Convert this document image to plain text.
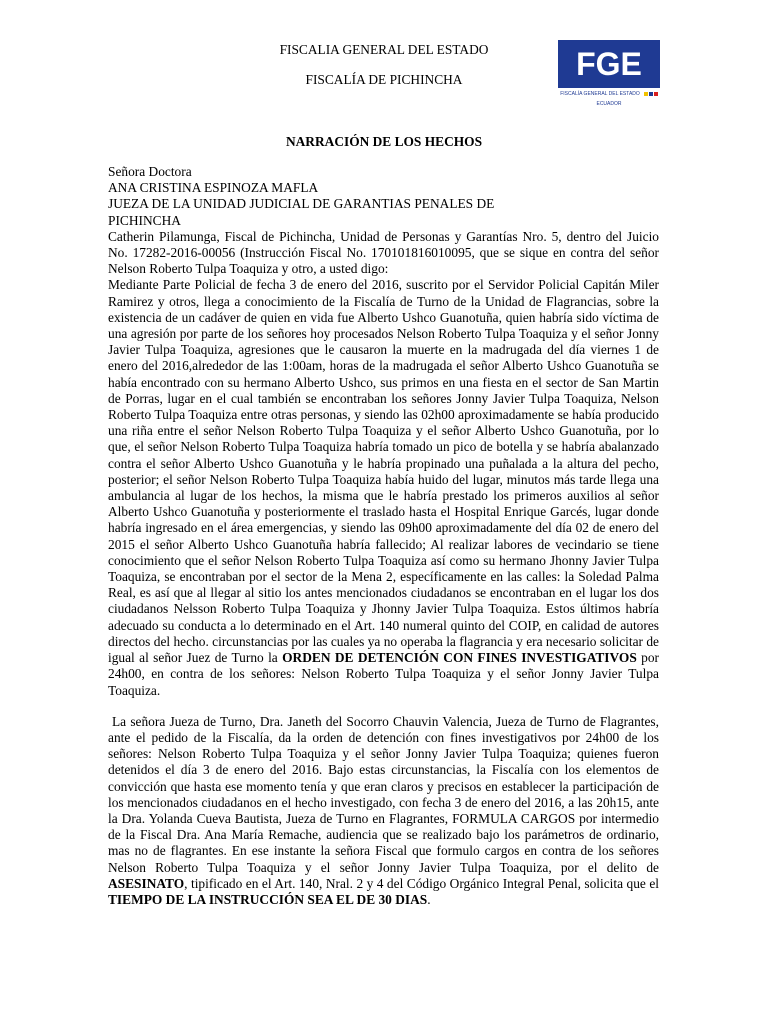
FISCALIA GENERAL DEL ESTADO
FISCALÍA DE PICHINCHA	FGE
FISCALÍA GENERAL DEL ESTADO
ECUADOR
NARRACIÓN DE LOS HECHOS
Señora Doctora
ANA CRISTINA ESPINOZA MAFLA
JUEZA DE LA UNIDAD JUDICIAL DE GARANTIAS PENALES DE PICHINCHA

Catherin Pilamunga, Fiscal de Pichincha, Unidad de Personas y Garantías Nro. 5, dentro del Juicio No. 17282-2016-00056 (Instrucción Fiscal No. 170101816010095, que se sique en contra del señor Nelson Roberto Tulpa Toaquiza y otro, a usted digo:

Mediante Parte Policial de fecha 3 de enero del 2016, suscrito por el Servidor Policial Capitán Miler Ramirez y otros, llega a conocimiento de la Fiscalía de Turno de la Unidad de Flagrancias, sobre la existencia de un cadáver de quien en vida fue Alberto Ushco Guanotuña, quien habría sido víctima de una agresión por parte de los señores hoy procesados Nelson Roberto Tulpa Toaquiza y el señor Jonny Javier Tulpa Toaquiza, agresiones que le causaron la muerte en la madrugada del día viernes 1 de enero del 2016,alrededor de las 1:00am, horas de la madrugada el señor Alberto Ushco Guanotuña se había encontrado con su hermano Alberto Ushco, sus primos en una fiesta en el sector de San Martin de Porras, lugar en el cual también se encontraban los señores Jonny Javier Tulpa Toaquiza, Nelson Roberto Tulpa Toaquiza entre otras personas, y siendo las 02h00 aproximadamente se había producido una riña entre el señor Nelson Roberto Tulpa Toaquiza y el señor Alberto Ushco Guanotuña, por lo que, el señor Nelson Roberto Tulpa Toaquiza habría tomado un pico de botella y se habría abalanzado contra el señor Alberto Ushco Guanotuña y le habría propinado una puñalada a la altura del pecho, posterior; el señor Nelson Roberto Tulpa Toaquiza había huido del lugar, minutos más tarde llega una ambulancia al lugar de los hechos, la misma que le habría prestado los primeros auxilios al señor Alberto Ushco Guanotuña y posteriormente el traslado hasta el Hospital Enrique Garcés, lugar donde habría ingresado en el área emergencias, y siendo las 09h00 aproximadamente del día 02 de enero del 2015 el señor Alberto Ushco Guanotuña habría fallecido; Al realizar labores de vecindario se tiene conocimiento que el señor Nelson Roberto Tulpa Toaquiza así como su hermano Jhonny Javier Tulpa Toaquiza, se encontraban por el sector de la Mena 2, específicamente en las calles: la Soledad Palma Real, es así que al llegar al sitio los antes mencionados ciudadanos se encontraban en el lugar los dos ciudadanos Nelsson Roberto Tulpa Toaquiza y Jhonny Javier Tulpa Toaquiza. Estos últimos habría adecuado su conducta a lo determinado en el Art. 140 numeral quinto del COIP, en calidad de autores directos del hecho. circunstancias por las cuales ya no operaba la flagrancia y era necesario solicitar de igual al señor Juez de Turno la ORDEN DE DETENCIÓN CON FINES INVESTIGATIVOS por 24h00, en contra de los señores: Nelson Roberto Tulpa Toaquiza y el señor Jonny Javier Tulpa Toaquiza.

La señora Jueza de Turno, Dra. Janeth del Socorro Chauvin Valencia, Jueza de Turno de Flagrantes, ante el pedido de la Fiscalía, da la orden de detención con fines investigativos por 24h00 de los señores: Nelson Roberto Tulpa Toaquiza y el señor Jonny Javier Tulpa Toaquiza; quienes fueron detenidos el día 3 de enero del 2016. Bajo estas circunstancias, la Fiscalía con los elementos de convicción que hasta ese momento tenía y que eran claros y precisos en establecer la participación de los mencionados ciudadanos en el hecho investigado, con fecha 3 de enero del 2016, a las 20h15, ante la Dra. Yolanda Cueva Bautista, Jueza de Turno en Flagrantes, FORMULA CARGOS por intermedio de la Fiscal Dra. Ana María Remache, audiencia que se realizado bajo los parámetros de ordinario, mas no de flagrantes. En ese instante la señora Fiscal que formulo cargos en contra de los señores Nelson Roberto Tulpa Toaquiza y el señor Jonny Javier Tulpa Toaquiza, por el delito de ASESINATO, tipificado en el Art. 140, Nral. 2 y 4 del Código Orgánico Integral Penal, solicita que el TIEMPO DE LA INSTRUCCIÓN SEA EL DE 30 DIAS.
